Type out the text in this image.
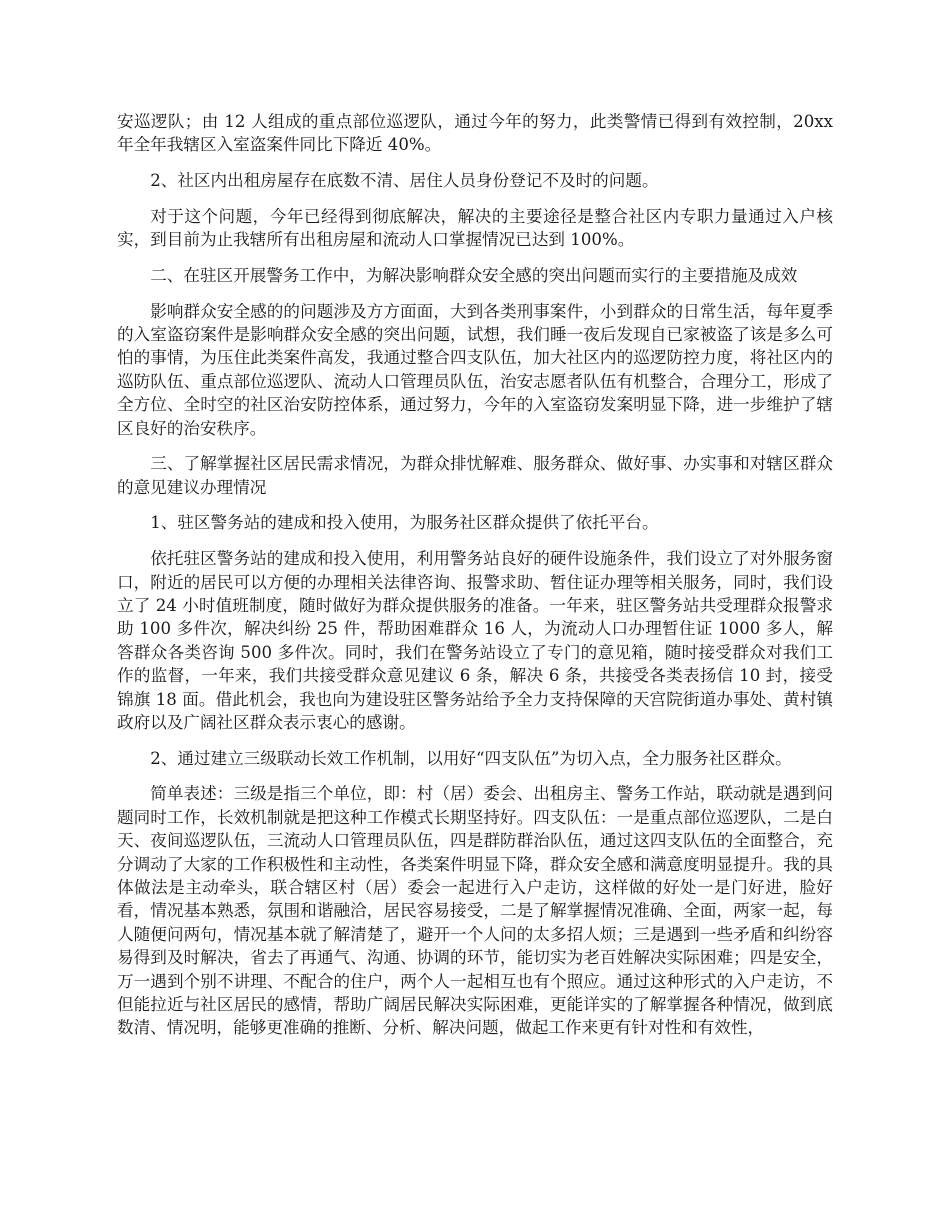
安巡逻队；由 12 人组成的重点部位巡逻队，通过今年的努力，此类警情已得到有效控制，20xx 年全年我辖区入室盗案件同比下降近 40%。

2、社区内出租房屋存在底数不清、居住人员身份登记不及时的问题。

对于这个问题，今年已经得到彻底解决，解决的主要途径是整合社区内专职力量通过入户核实，到目前为止我辖所有出租房屋和流动人口掌握情况已达到 100%。

二、在驻区开展警务工作中，为解决影响群众安全感的突出问题而实行的主要措施及成效

影响群众安全感的的问题涉及方方面面，大到各类刑事案件，小到群众的日常生活，每年夏季的入室盗窃案件是影响群众安全感的突出问题，试想，我们睡一夜后发现自已家被盗了该是多么可怕的事情，为压住此类案件高发，我通过整合四支队伍，加大社区内的巡逻防控力度，将社区内的巡防队伍、重点部位巡逻队、流动人口管理员队伍，治安志愿者队伍有机整合，合理分工，形成了全方位、全时空的社区治安防控体系，通过努力，今年的入室盗窃发案明显下降，进一步维护了辖区良好的治安秩序。

三、了解掌握社区居民需求情况，为群众排忧解难、服务群众、做好事、办实事和对辖区群众的意见建议办理情况

1、驻区警务站的建成和投入使用，为服务社区群众提供了依托平台。

依托驻区警务站的建成和投入使用，利用警务站良好的硬件设施条件，我们设立了对外服务窗口，附近的居民可以方便的办理相关法律咨询、报警求助、暂住证办理等相关服务，同时，我们设立了 24 小时值班制度，随时做好为群众提供服务的准备。一年来，驻区警务站共受理群众报警求助 100 多件次，解决纠纷 25 件，帮助困难群众 16 人，为流动人口办理暂住证 1000 多人，解答群众各类咨询 500 多件次。同时，我们在警务站设立了专门的意见箱，随时接受群众对我们工作的监督，一年来，我们共接受群众意见建议 6 条，解决 6 条，共接受各类表扬信 10 封，接受锦旗 18 面。借此机会，我也向为建设驻区警务站给予全力支持保障的天宫院街道办事处、黄村镇政府以及广阔社区群众表示衷心的感谢。

2、通过建立三级联动长效工作机制，以用好“四支队伍”为切入点，全力服务社区群众。

简单表述：三级是指三个单位，即：村（居）委会、出租房主、警务工作站，联动就是遇到问题同时工作，长效机制就是把这种工作模式长期坚持好。四支队伍：一是重点部位巡逻队，二是白天、夜间巡逻队伍，三流动人口管理员队伍，四是群防群治队伍，通过这四支队伍的全面整合，充分调动了大家的工作积极性和主动性，各类案件明显下降，群众安全感和满意度明显提升。我的具体做法是主动牵头，联合辖区村（居）委会一起进行入户走访，这样做的好处一是门好进，脸好看，情况基本熟悉，氛围和谐融洽，居民容易接受，二是了解掌握情况准确、全面，两家一起，每人随便问两句，情况基本就了解清楚了，避开一个人问的太多招人烦；三是遇到一些矛盾和纠纷容易得到及时解决，省去了再通气、沟通、协调的环节，能切实为老百姓解决实际困难；四是安全，万一遇到个别不讲理、不配合的住户，两个人一起相互也有个照应。通过这种形式的入户走访，不但能拉近与社区居民的感情，帮助广阔居民解决实际困难，更能详实的了解掌握各种情况，做到底数清、情况明，能够更准确的推断、分析、解决问题，做起工作来更有针对性和有效性，
